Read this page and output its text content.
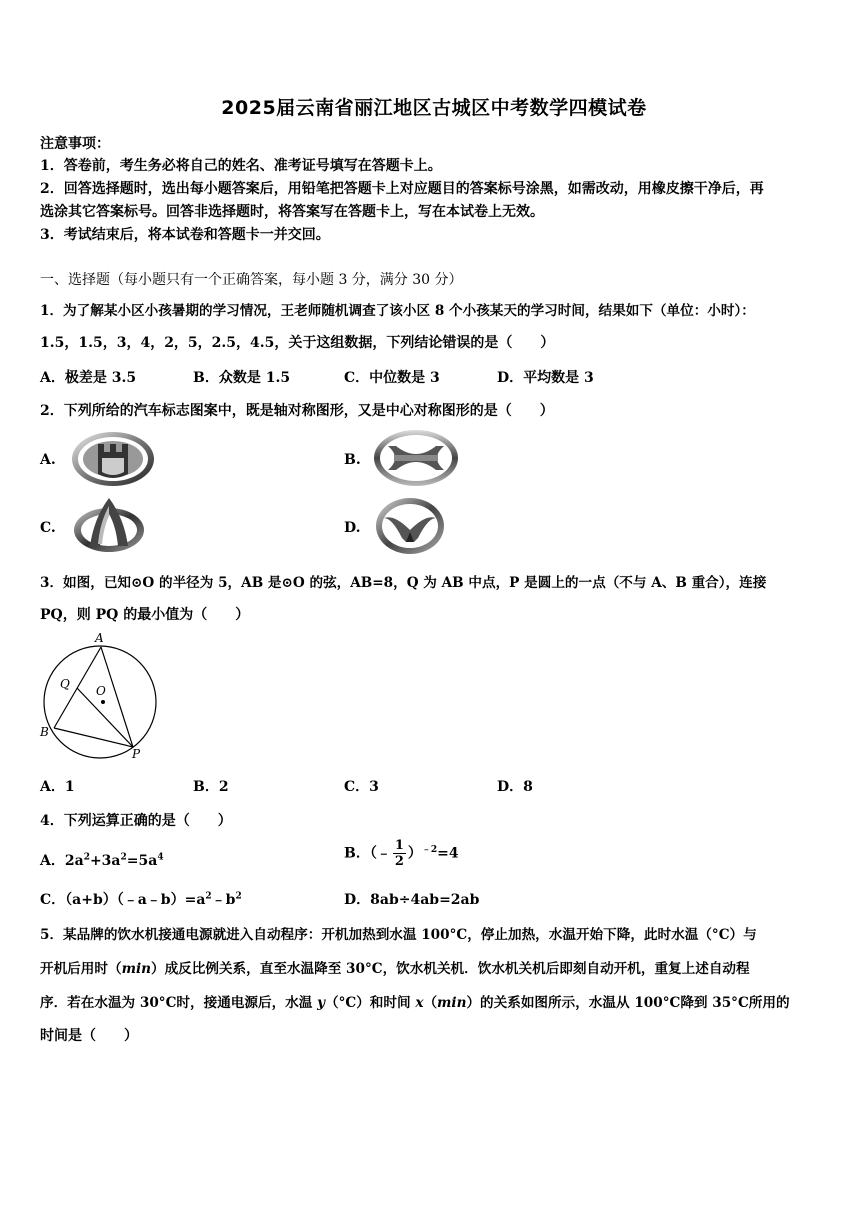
2025届云南省丽江地区古城区中考数学四模试卷
注意事项：
1．答卷前，考生务必将自己的姓名、准考证号填写在答题卡上。
2．回答选择题时，选出每小题答案后，用铅笔把答题卡上对应题目的答案标号涂黑，如需改动，用橡皮擦干净后，再
选涂其它答案标号。回答非选择题时，将答案写在答题卡上，写在本试卷上无效。
3．考试结束后，将本试卷和答题卡一并交回。
一、选择题（每小题只有一个正确答案，每小题 3 分，满分 30 分）
1．为了解某小区小孩暑期的学习情况，王老师随机调查了该小区 8 个小孩某天的学习时间，结果如下（单位：小时）：
1.5，1.5，3，4，2，5，2.5，4.5，关于这组数据，下列结论错误的是（　　）
A．极差是 3.5	B．众数是 1.5	C．中位数是 3	D．平均数是 3
2．下列所给的汽车标志图案中，既是轴对称图形，又是中心对称图形的是（　　）
A.	B.
C.	D.
3．如图，已知⊙O 的半径为 5，AB 是⊙O 的弦，AB=8，Q 为 AB 中点，P 是圆上的一点（不与 A、B 重合），连接
PQ，则 PQ 的最小值为（　　）
A
Q O
B
P
A．1	B．2	C．3	D．8
4．下列运算正确的是（　　）
A．$2a^2+3a^2=5a^4$	B．（﹣ $\frac{1}{2} )^{﹣2}=4$
C．$(a+b)(﹣a﹣b)=a^2﹣b^2$	D．8ab÷4ab=2ab
5．某品牌的饮水机接通电源就进入自动程序：开机加热到水温 100°C，停止加热，水温开始下降，此时水温（°C）与
开机后用时（min）成反比例关系，直至水温降至 30°C，饮水机关机．饮水机关机后即刻自动开机，重复上述自动程
序．若在水温为 30°C时，接通电源后，水温 y（°C）和时间 x（min）的关系如图所示，水温从 100°C降到 35°C所用的
时间是（　　）
